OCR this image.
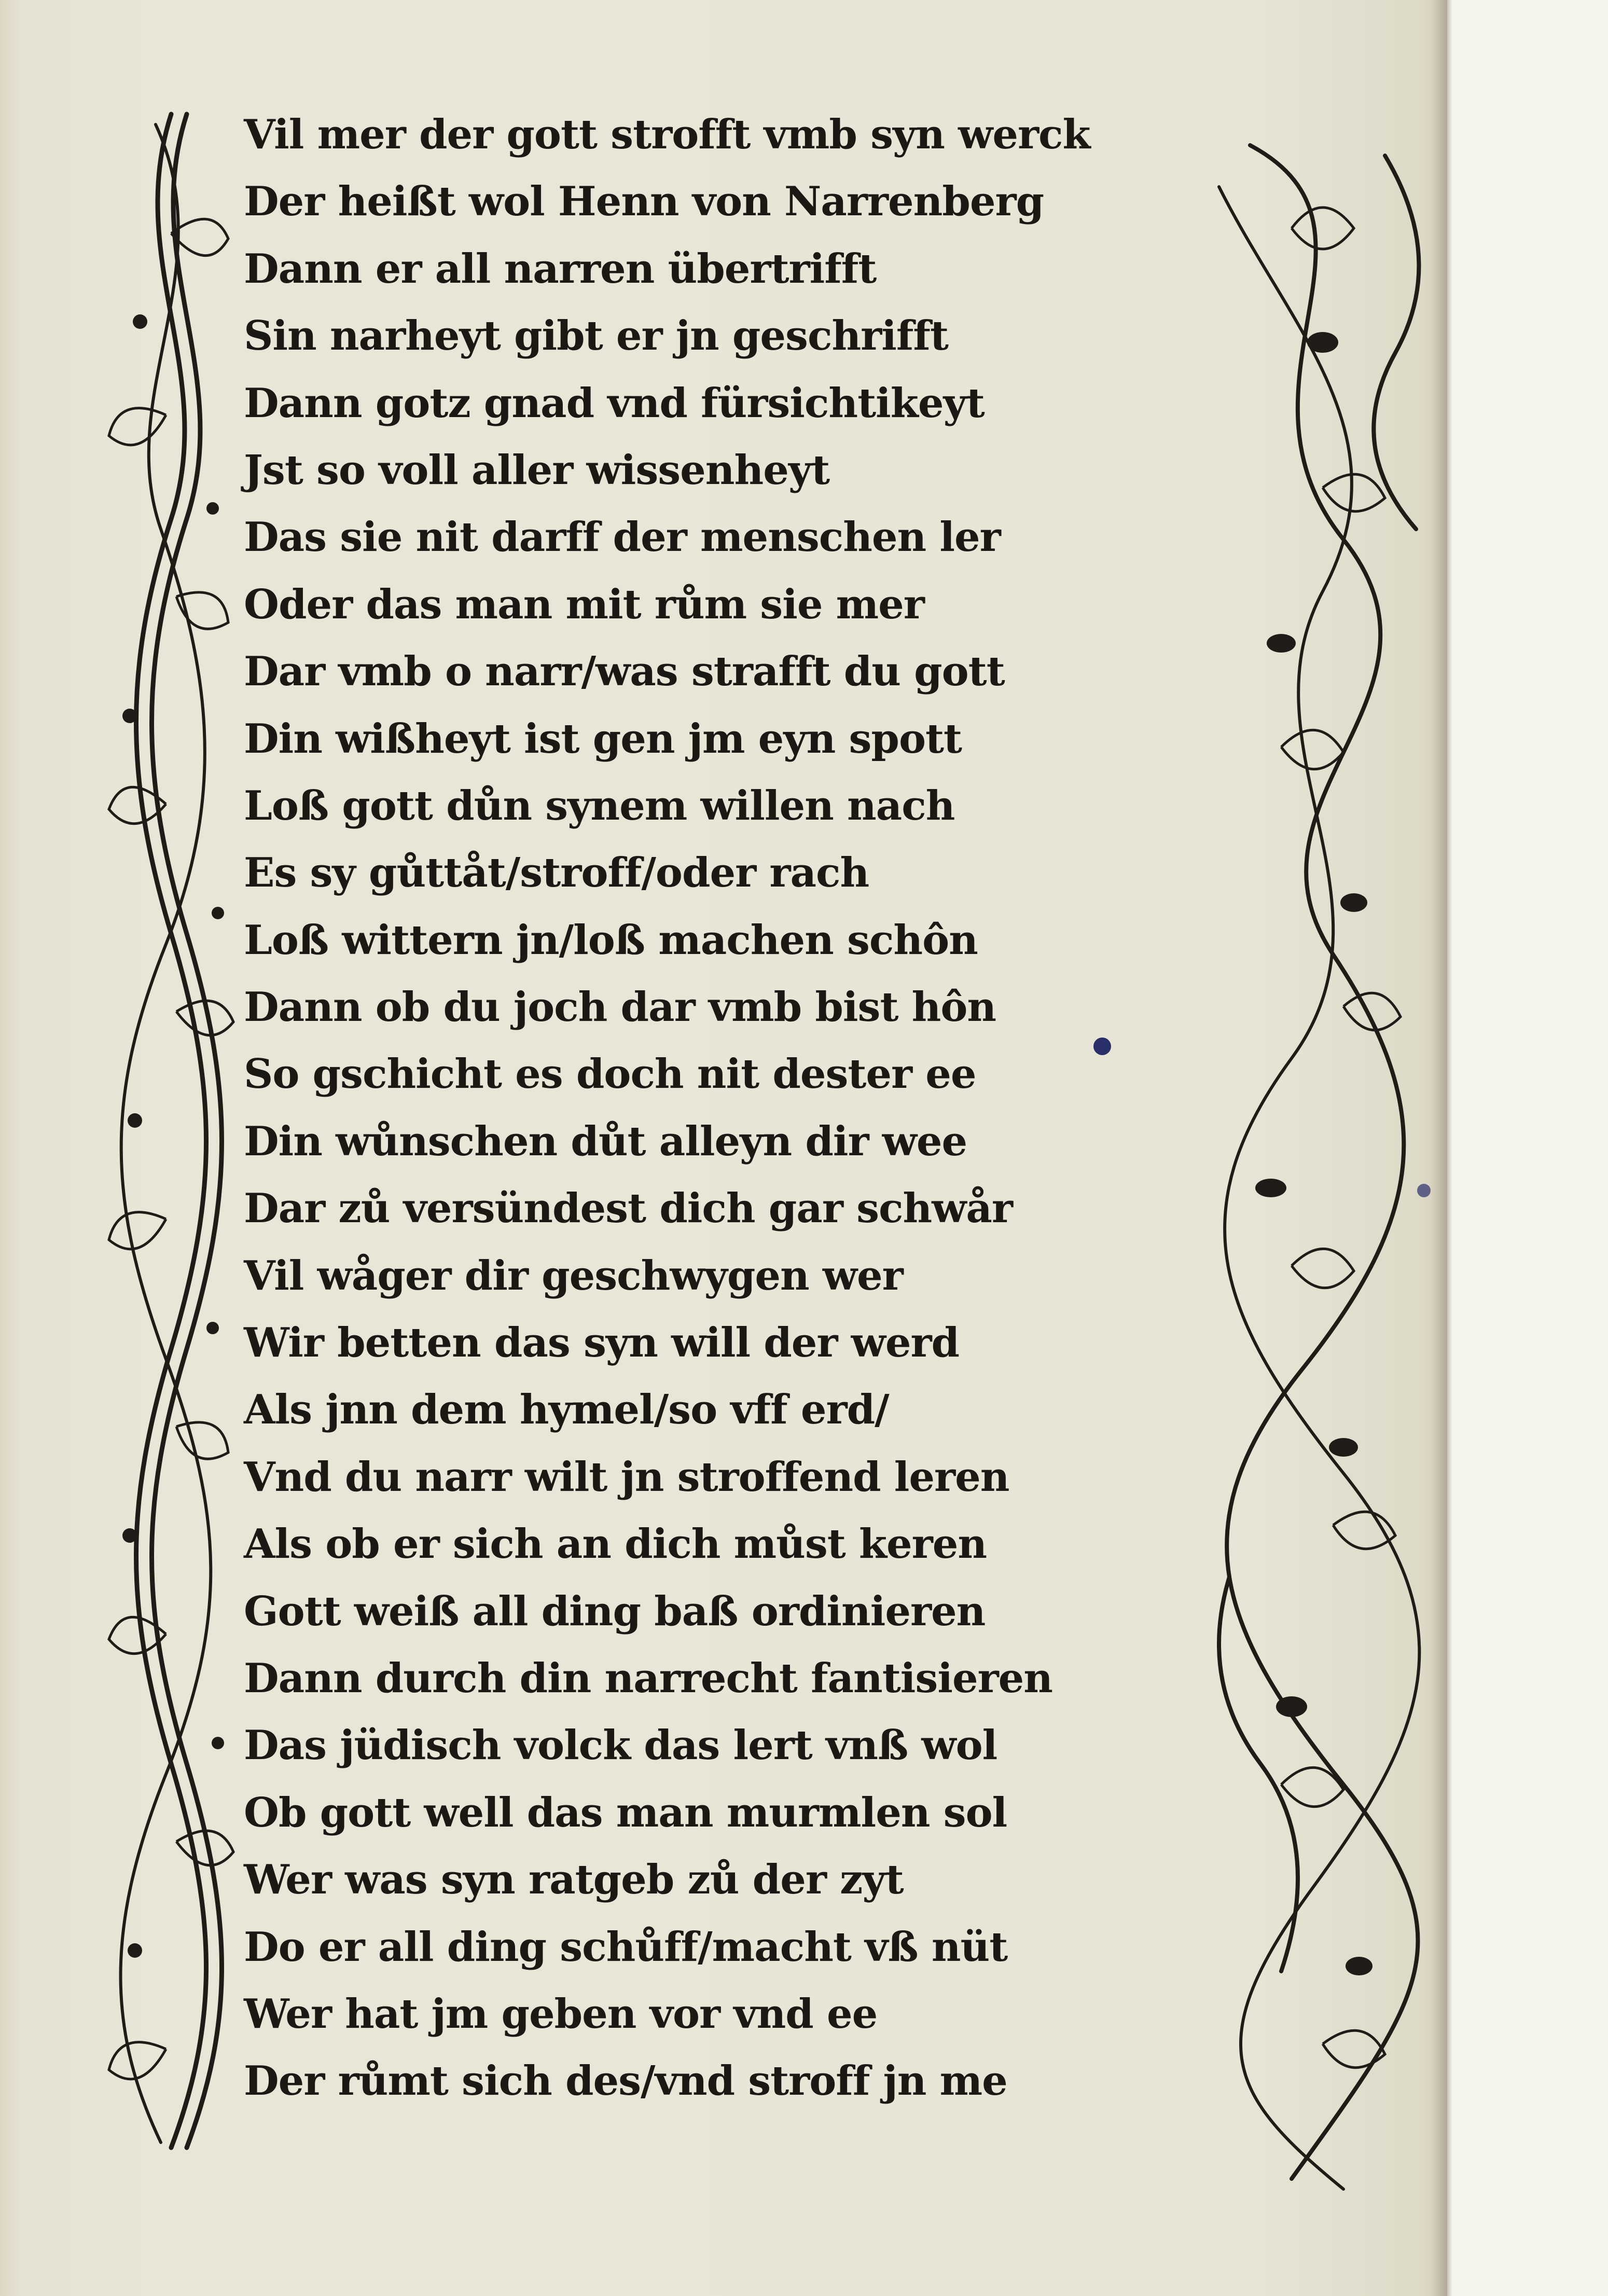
Vil mer der gott strofft vmb syn werck
Der heißt wol Henn von Narrenberg
Dann er all narren übertrifft
Sin narheyt gibt er jn geschrifft
Dann gotz gnad vnd fürsichtikeyt
Jst so voll aller wissenheyt
Das sie nit darff der menschen ler
Oder das man mit rům sie mer
Dar vmb o narr/was strafft du gott
Din wißheyt ist gen jm eyn spott
Loß gott důn synem willen nach
Es sy gůttåt/stroff/oder rach
Loß wittern jn/loß machen schôn
Dann ob du joch dar vmb bist hôn
So gschicht es doch nit dester ee
Din wůnschen důt alleyn dir wee
Dar zů versündest dich gar schwår
Vil wåger dir geschwygen wer
Wir betten das syn will der werd
Als jnn dem hymel/so vff erd/
Vnd du narr wilt jn stroffend leren
Als ob er sich an dich můst keren
Gott weiß all ding baß ordinieren
Dann durch din narrecht fantisieren
Das jüdisch volck das lert vnß wol
Ob gott well das man murmlen sol
Wer was syn ratgeb zů der zyt
Do er all ding schůff/macht vß nüt
Wer hat jm geben vor vnd ee
Der růmt sich des/vnd stroff jn me
